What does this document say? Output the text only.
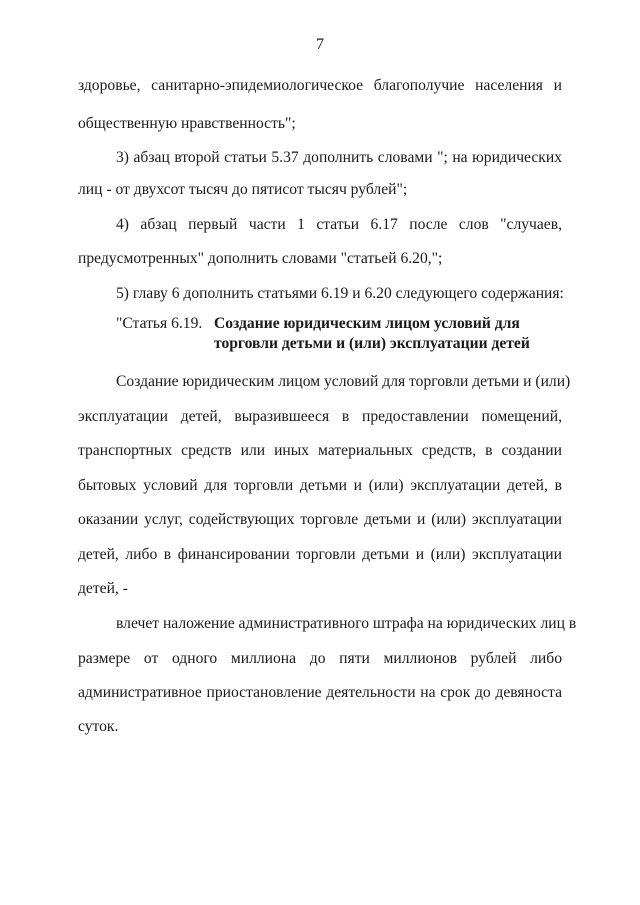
7
здоровье, санитарно-эпидемиологическое благополучие населения и
общественную нравственность";
3) абзац второй статьи 5.37 дополнить словами "; на юридических
лиц - от двухсот тысяч до пятисот тысяч рублей";
4) абзац первый части 1 статьи 6.17 после слов "случаев,
предусмотренных" дополнить словами "статьей 6.20,";
5) главу 6 дополнить статьями 6.19 и 6.20 следующего содержания:
"Статья 6.19. Создание юридическим лицом условий для
торговли детьми и (или) эксплуатации детей
Создание юридическим лицом условий для торговли детьми и (или)
эксплуатации детей, выразившееся в предоставлении помещений,
транспортных средств или иных материальных средств, в создании
бытовых условий для торговли детьми и (или) эксплуатации детей, в
оказании услуг, содействующих торговле детьми и (или) эксплуатации
детей, либо в финансировании торговли детьми и (или) эксплуатации
детей, -
влечет наложение административного штрафа на юридических лиц в
размере от одного миллиона до пяти миллионов рублей либо
административное приостановление деятельности на срок до девяноста
суток.
